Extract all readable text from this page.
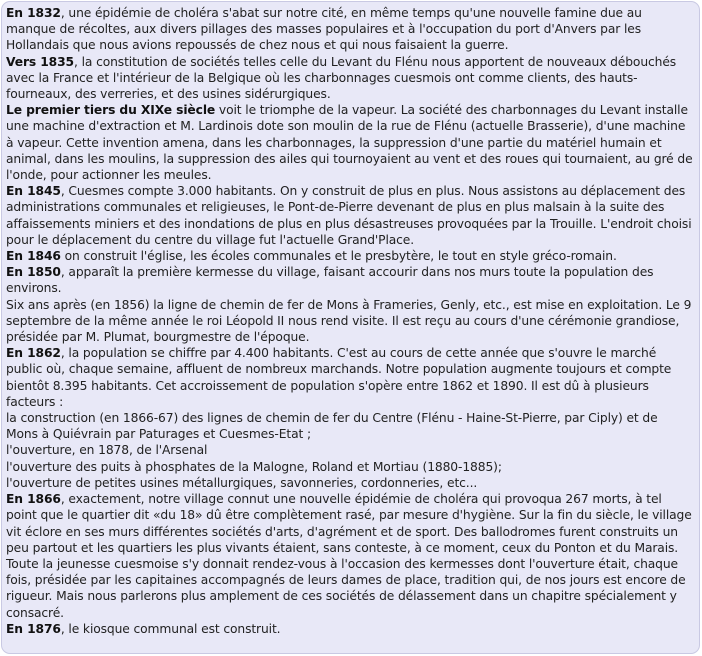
En 1832, une épidémie de choléra s'abat sur notre cité, en même temps qu'une nouvelle famine due au manque de récoltes, aux divers pillages des masses populaires et à l'occupation du port d'Anvers par les Hollandais que nous avions repoussés de chez nous et qui nous faisaient la guerre.

Vers 1835, la constitution de sociétés telles celle du Levant du Flénu nous apportent de nouveaux débouchés avec la France et l'intérieur de la Belgique où les charbonnages cuesmois ont comme clients, des hauts-fourneaux, des verreries, et des usines sidérurgiques.

Le premier tiers du XIXe siècle voit le triomphe de la vapeur. La société des charbonnages du Levant installe une machine d'extraction et M. Lardinois dote son moulin de la rue de Flénu (actuelle Brasserie), d'une machine à vapeur. Cette invention amena, dans les charbonnages, la suppression d'une partie du matériel humain et animal, dans les moulins, la suppression des ailes qui tournoyaient au vent et des roues qui tournaient, au gré de l'onde, pour actionner les meules.

En 1845, Cuesmes compte 3.000 habitants. On y construit de plus en plus. Nous assistons au déplacement des administrations communales et religieuses, le Pont-de-Pierre devenant de plus en plus malsain à la suite des affaissements miniers et des inondations de plus en plus désastreuses provoquées par la Trouille. L'endroit choisi pour le déplacement du centre du village fut l'actuelle Grand'Place.

En 1846 on construit l'église, les écoles communales et le presbytère, le tout en style gréco-romain.

En 1850, apparaît la première kermesse du village, faisant accourir dans nos murs toute la population des environs.

Six ans après (en 1856) la ligne de chemin de fer de Mons à Frameries, Genly, etc., est mise en exploitation. Le 9 septembre de la même année le roi Léopold II nous rend visite. Il est reçu au cours d'une cérémonie grandiose, présidée par M. Plumat, bourgmestre de l'époque.

En 1862, la population se chiffre par 4.400 habitants. C'est au cours de cette année que s'ouvre le marché public où, chaque semaine, affluent de nombreux marchands. Notre population augmente toujours et compte bientôt 8.395 habitants. Cet accroissement de population s'opère entre 1862 et 1890. Il est dû à plusieurs facteurs :

la construction (en 1866-67) des lignes de chemin de fer du Centre (Flénu - Haine-St-Pierre, par Ciply) et de Mons à Quiévrain par Paturages et Cuesmes-Etat ;

l'ouverture, en 1878, de l'Arsenal

l'ouverture des puits à phosphates de la Malogne, Roland et Mortiau (1880-1885);

l'ouverture de petites usines métallurgiques, savonneries, cordonneries, etc...

En 1866, exactement, notre village connut une nouvelle épidémie de choléra qui provoqua 267 morts, à tel point que le quartier dit «du 18» dû être complètement rasé, par mesure d'hygiène. Sur la fin du siècle, le village vit éclore en ses murs différentes sociétés d'arts, d'agrément et de sport. Des ballodromes furent construits un peu partout et les quartiers les plus vivants étaient, sans conteste, à ce moment, ceux du Ponton et du Marais. Toute la jeunesse cuesmoise s'y donnait rendez-vous à l'occasion des kermesses dont l'ouverture était, chaque fois, présidée par les capitaines accompagnés de leurs dames de place, tradition qui, de nos jours est encore de rigueur. Mais nous parlerons plus amplement de ces sociétés de délassement dans un chapitre spécialement y consacré.

En 1876, le kiosque communal est construit.
